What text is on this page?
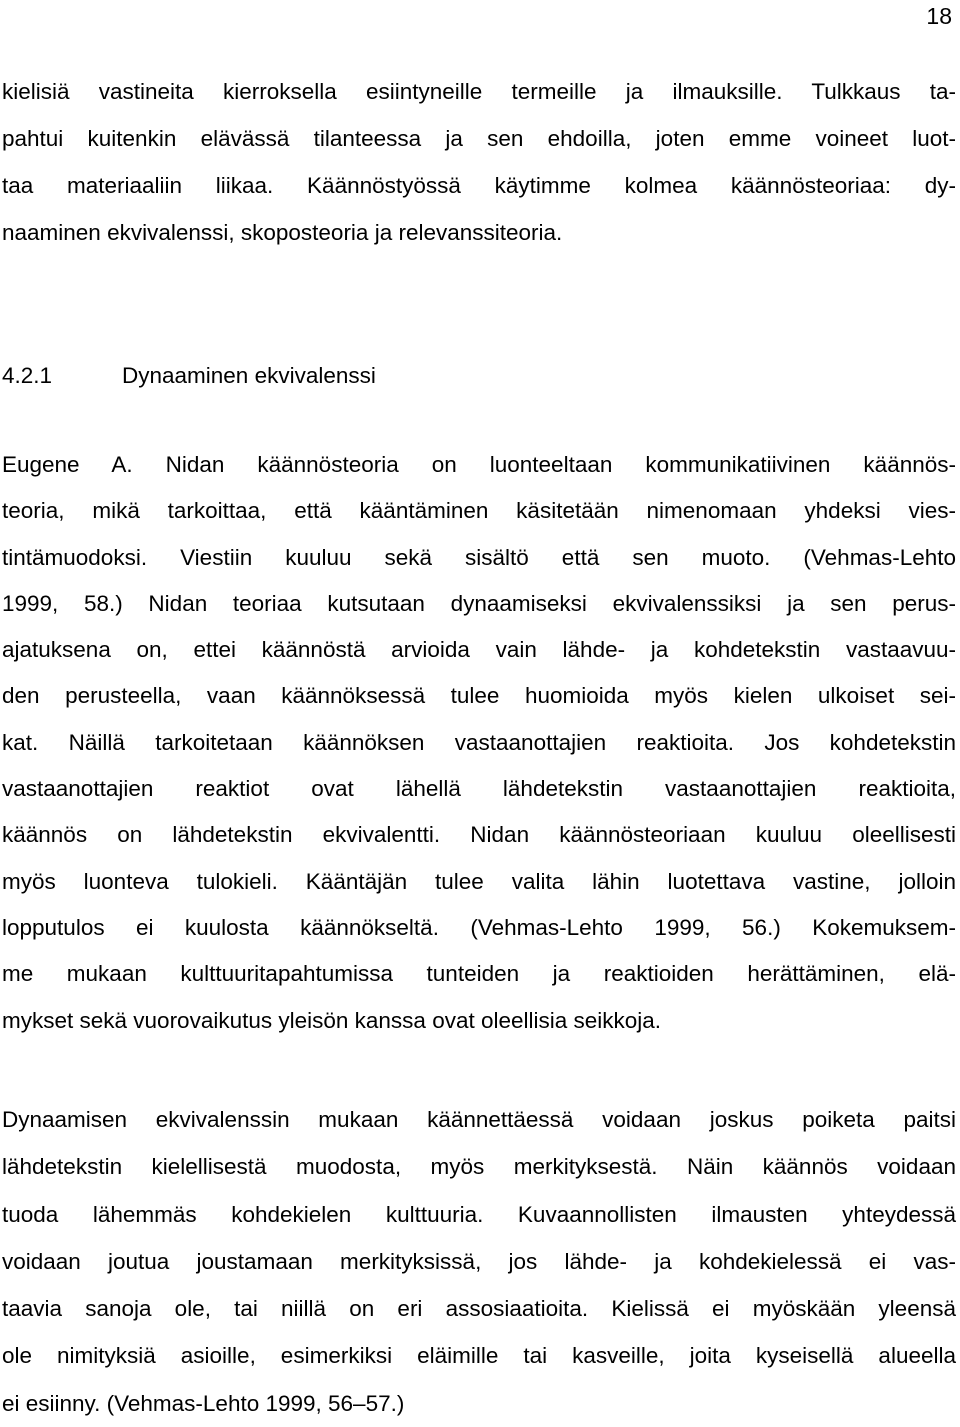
18
kielisiä vastineita kierroksella esiintyneille termeille ja ilmauksille. Tulkkaus ta-
pahtui kuitenkin elävässä tilanteessa ja sen ehdoilla, joten emme voineet luot-
taa materiaaliin liikaa. Käännöstyössä käytimme kolmea käännösteoriaa: dy-
naaminen ekvivalenssi, skoposteoria ja relevanssiteoria.
4.2.1	Dynaaminen ekvivalenssi
Eugene A. Nidan käännösteoria on luonteeltaan kommunikatiivinen käännös-
teoria, mikä tarkoittaa, että kääntäminen käsitetään nimenomaan yhdeksi vies-
tintämuodoksi. Viestiin kuuluu sekä sisältö että sen muoto. (Vehmas-Lehto
1999, 58.) Nidan teoriaa kutsutaan dynaamiseksi ekvivalenssiksi ja sen perus-
ajatuksena on, ettei käännöstä arvioida vain lähde- ja kohdetekstin vastaavuu-
den perusteella, vaan käännöksessä tulee huomioida myös kielen ulkoiset sei-
kat. Näillä tarkoitetaan käännöksen vastaanottajien reaktioita. Jos kohdetekstin
vastaanottajien reaktiot ovat lähellä lähdetekstin vastaanottajien reaktioita,
käännös on lähdetekstin ekvivalentti. Nidan käännösteoriaan kuuluu oleellisesti
myös luonteva tulokieli. Kääntäjän tulee valita lähin luotettava vastine, jolloin
lopputulos ei kuulosta käännökseltä. (Vehmas-Lehto 1999, 56.) Kokemuksem-
me mukaan kulttuuritapahtumissa tunteiden ja reaktioiden herättäminen, elä-
mykset sekä vuorovaikutus yleisön kanssa ovat oleellisia seikkoja.
Dynaamisen ekvivalenssin mukaan käännettäessä voidaan joskus poiketa paitsi
lähdetekstin kielellisestä muodosta, myös merkityksestä. Näin käännös voidaan
tuoda lähemmäs kohdekielen kulttuuria. Kuvaannollisten ilmausten yhteydessä
voidaan joutua joustamaan merkityksissä, jos lähde- ja kohdekielessä ei vas-
taavia sanoja ole, tai niillä on eri assosiaatioita. Kielissä ei myöskään yleensä
ole nimityksiä asioille, esimerkiksi eläimille tai kasveille, joita kyseisellä alueella
ei esiinny. (Vehmas-Lehto 1999, 56–57.)
